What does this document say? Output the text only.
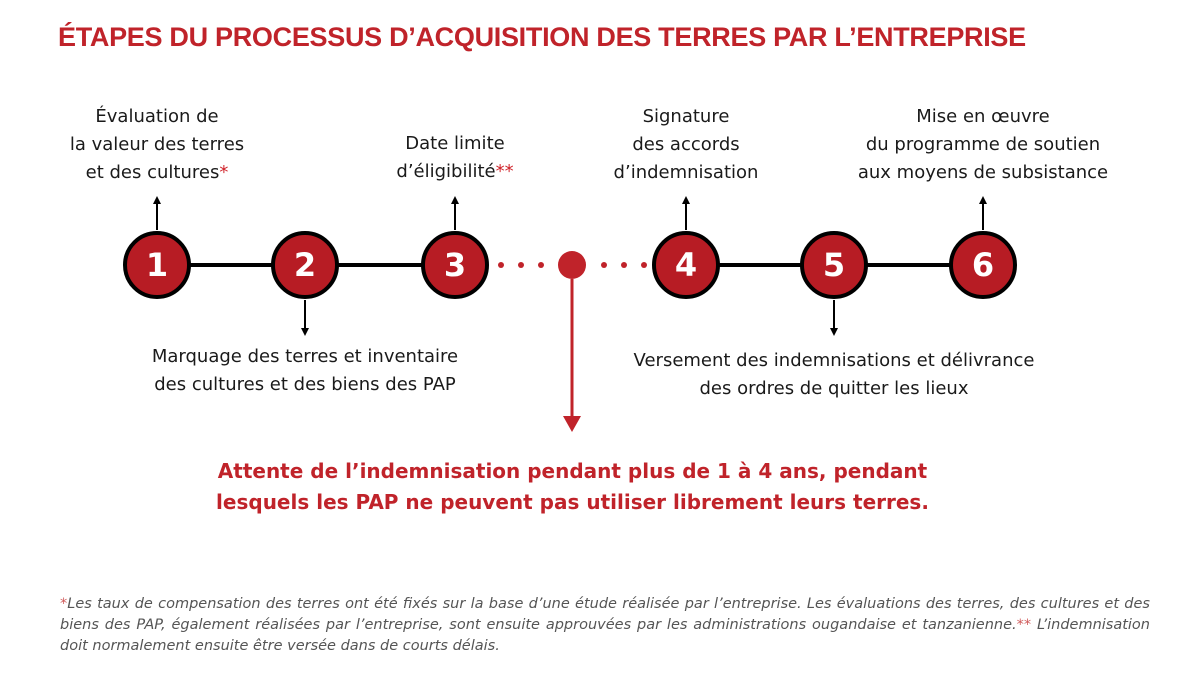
ÉTAPES DU PROCESSUS D’ACQUISITION DES TERRES PAR L’ENTREPRISE
1	2	3	4	5	6
Évaluation de
la valeur des terres
et des cultures*
Marquage des terres et inventaire
des cultures et des biens des PAP
Date limite
d’éligibilité**
Signature
des accords
d’indemnisation
Versement des indemnisations et délivrance
des ordres de quitter les lieux
Mise en œuvre
du programme de soutien
aux moyens de subsistance
Attente de l’indemnisation pendant plus de 1 à 4 ans, pendant
lesquels les PAP ne peuvent pas utiliser librement leurs terres.
*Les taux de compensation des terres ont été fixés sur la base d’une étude réalisée par l’entreprise. Les évaluations des terres, des cultures et des biens des PAP, également réalisées par l’entreprise, sont ensuite approuvées par les administrations ougandaise et tanzanienne.** L’indemnisation doit normalement ensuite être versée dans de courts délais.
